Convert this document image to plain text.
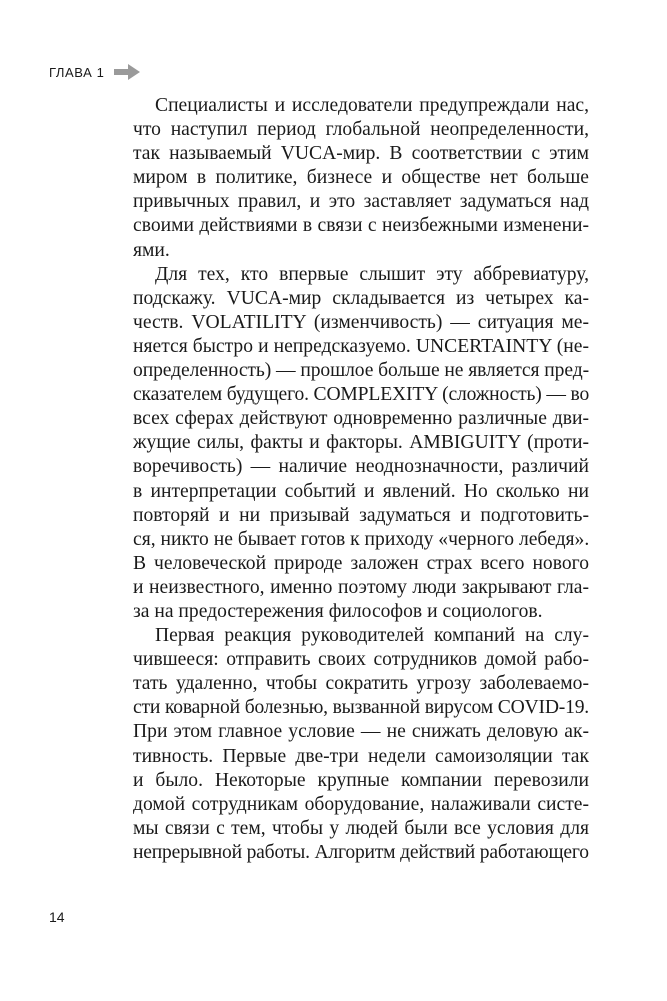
ГЛАВА 1
Специалисты и исследователи предупреждали нас,
что наступил период глобальной неопределенности,
так называемый VUCA-мир. В соответствии с этим
миром в политике, бизнесе и обществе нет больше
привычных правил, и это заставляет задуматься над
своими действиями в связи с неизбежными изменени-
ями.
Для тех, кто впервые слышит эту аббревиатуру,
подскажу. VUCA-мир складывается из четырех ка-
честв. VOLATILITY (изменчивость) — ситуация ме-
няется быстро и непредсказуемо. UNCERTAINTY (не-
определенность) — прошлое больше не является пред-
сказателем будущего. COMPLEXITY (сложность) — во
всех сферах действуют одновременно различные дви-
жущие силы, факты и факторы. AMBIGUITY (проти-
воречивость) — наличие неоднозначности, различий
в интерпретации событий и явлений. Но сколько ни
повторяй и ни призывай задуматься и подготовить-
ся, никто не бывает готов к приходу «черного лебедя».
В человеческой природе заложен страх всего нового
и неизвестного, именно поэтому люди закрывают гла-
за на предостережения философов и социологов.
Первая реакция руководителей компаний на слу-
чившееся: отправить своих сотрудников домой рабо-
тать удаленно, чтобы сократить угрозу заболеваемо-
сти коварной болезнью, вызванной вирусом COVID-19.
При этом главное условие — не снижать деловую ак-
тивность. Первые две-три недели самоизоляции так
и было. Некоторые крупные компании перевозили
домой сотрудникам оборудование, налаживали систе-
мы связи с тем, чтобы у людей были все условия для
непрерывной работы. Алгоритм действий работающего
14
